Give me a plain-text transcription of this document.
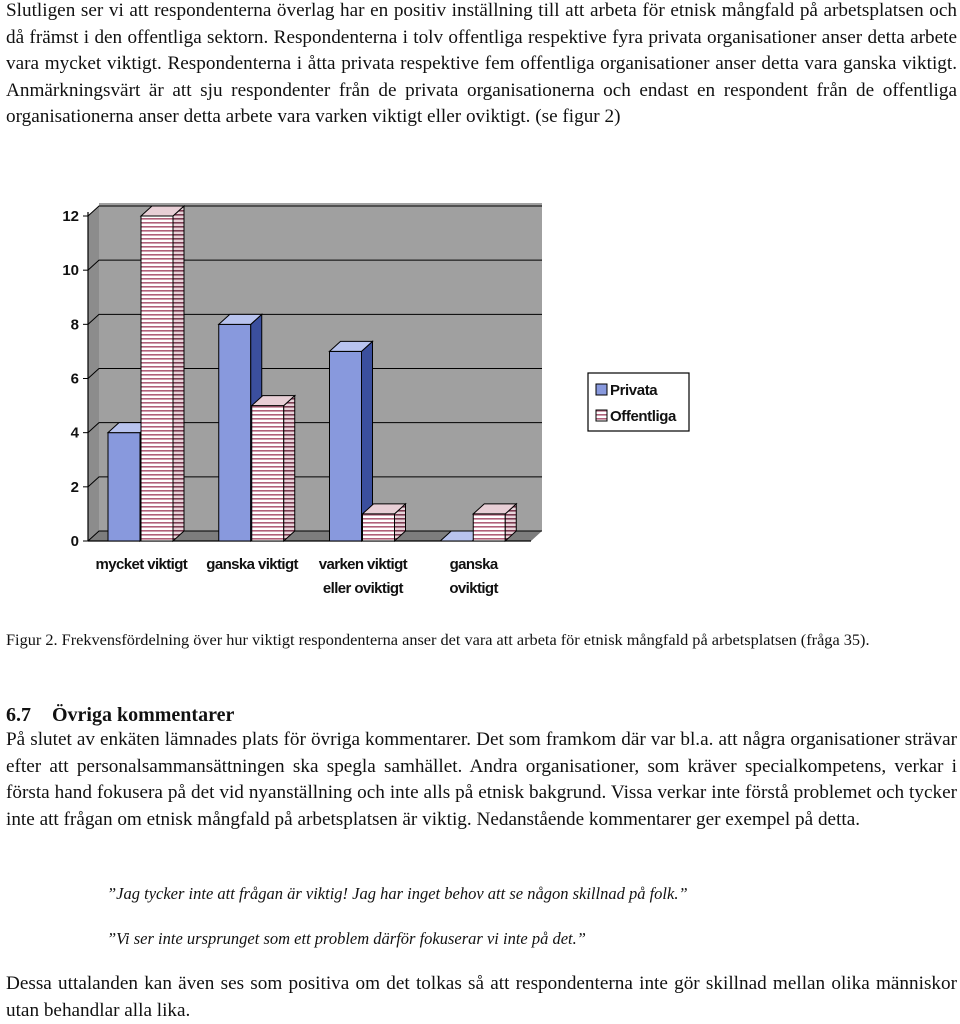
Slutligen ser vi att respondenterna överlag har en positiv inställning till att arbeta för etnisk mångfald på arbetsplatsen och då främst i den offentliga sektorn. Respondenterna i tolv offentliga respektive fyra privata organisationer anser detta arbete vara mycket viktigt. Respondenterna i åtta privata respektive fem offentliga organisationer anser detta vara ganska viktigt. Anmärkningsvärt är att sju respondenter från de privata organisationerna och endast en respondent från de offentliga organisationerna anser detta arbete vara varken viktigt eller oviktigt. (se figur 2)

0
2
4
6
8
10
12
mycket viktigt ganska viktigt varken viktigt
eller oviktigt
ganska
oviktigt
Privata
Offentliga

Figur 2. Frekvensfördelning över hur viktigt respondenterna anser det vara att arbeta för etnisk mångfald på arbetsplatsen (fråga 35).

6.7 Övriga kommentarer

På slutet av enkäten lämnades plats för övriga kommentarer. Det som framkom där var bl.a. att några organisationer strävar efter att personalsammansättningen ska spegla samhället. Andra organisationer, som kräver specialkompetens, verkar i första hand fokusera på det vid nyanställning och inte alls på etnisk bakgrund. Vissa verkar inte förstå problemet och tycker inte att frågan om etnisk mångfald på arbetsplatsen är viktig. Nedanstående kommentarer ger exempel på detta.

”Jag tycker inte att frågan är viktig! Jag har inget behov att se någon skillnad på folk.”

”Vi ser inte ursprunget som ett problem därför fokuserar vi inte på det.”

Dessa uttalanden kan även ses som positiva om det tolkas så att respondenterna inte gör skillnad mellan olika människor utan behandlar alla lika.
